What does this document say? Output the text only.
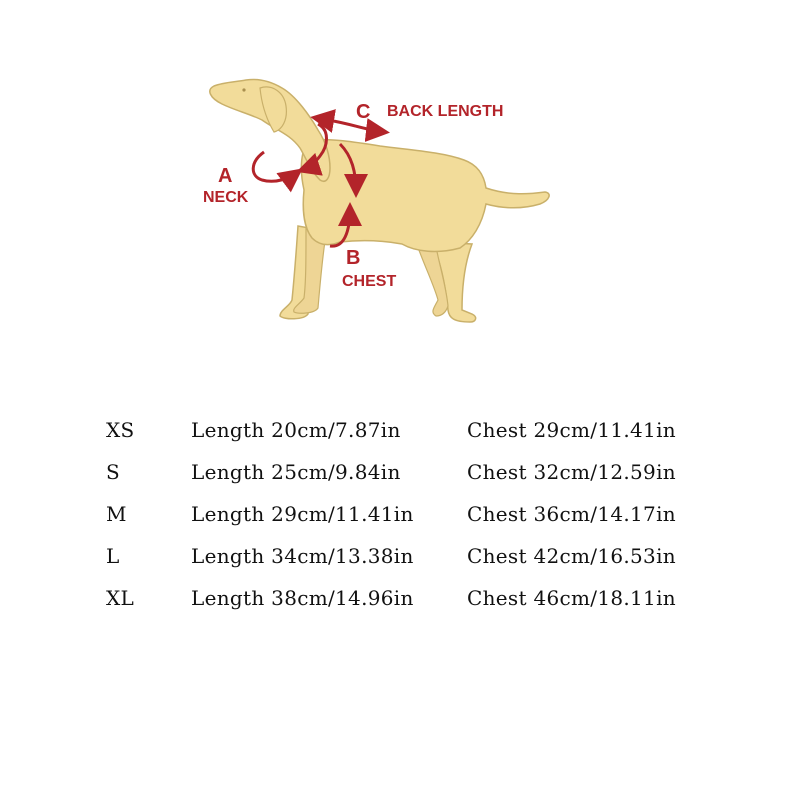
C BACK LENGTH
A
NECK
B
CHEST
XS	Length 20cm/7.87in	Chest 29cm/11.41in
S	Length 25cm/9.84in	Chest 32cm/12.59in
M	Length 29cm/11.41in	Chest 36cm/14.17in
L	Length 34cm/13.38in	Chest 42cm/16.53in
XL	Length 38cm/14.96in	Chest 46cm/18.11in
